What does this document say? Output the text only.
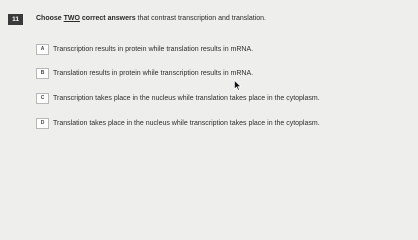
11	Choose TWO correct answers that contrast transcription and translation.
A	Transcription results in protein while translation results in mRNA.
B	Translation results in protein while transcription results in mRNA.
C	Transcription takes place in the nucleus while translation takes place in the cytoplasm.
D	Translation takes place in the nucleus while transcription takes place in the cytoplasm.
